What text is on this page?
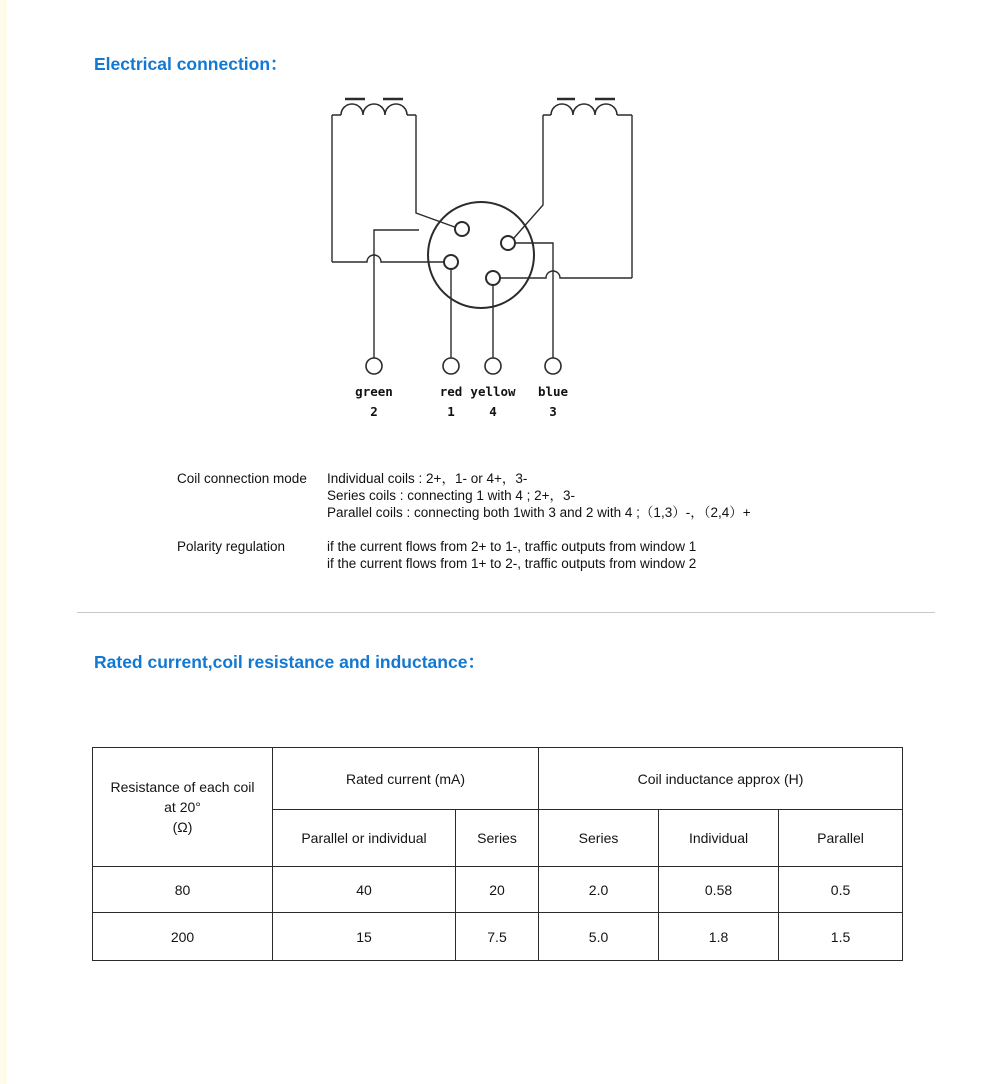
Electrical connection：
green	red yellow blue
2	1	4	3
Coil connection mode Individual coils : 2+，1- or 4+，3-
Series coils : connecting 1 with 4 ; 2+，3-
Parallel coils : connecting both 1with 3 and 2 with 4 ;（1,3）-，（2,4）+
Polarity regulation	if the current flows from 2+ to 1-, traffic outputs from window 1
if the current flows from 1+ to 2-, traffic outputs from window 2
Rated current,coil resistance and inductance：
Resistance of each coil
at 20°
(Ω)	Rated current (mA)		Coil inductance approx (H)		
	Parallel or individual	Series	Series	Individual	Parallel
80	40	20	2.0	0.58	0.5
200	15	7.5	5.0	1.8	1.5
